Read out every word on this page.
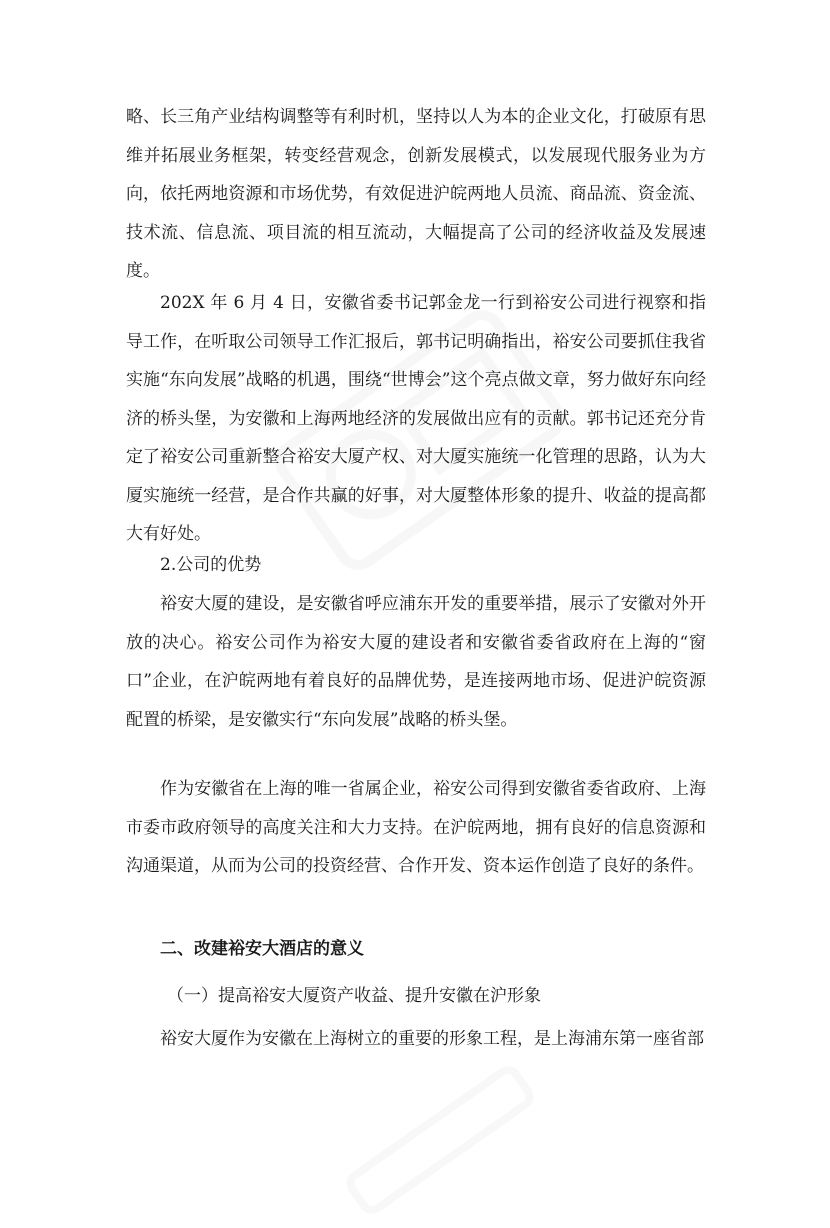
略、长三角产业结构调整等有利时机，坚持以人为本的企业文化，打破原有思维并拓展业务框架，转变经营观念，创新发展模式，以发展现代服务业为方向，依托两地资源和市场优势，有效促进沪皖两地人员流、商品流、资金流、技术流、信息流、项目流的相互流动，大幅提高了公司的经济收益及发展速度。

202X 年 6 月 4 日，安徽省委书记郭金龙一行到裕安公司进行视察和指导工作，在听取公司领导工作汇报后，郭书记明确指出，裕安公司要抓住我省实施“东向发展”战略的机遇，围绕“世博会”这个亮点做文章，努力做好东向经济的桥头堡，为安徽和上海两地经济的发展做出应有的贡献。郭书记还充分肯定了裕安公司重新整合裕安大厦产权、对大厦实施统一化管理的思路，认为大厦实施统一经营，是合作共赢的好事，对大厦整体形象的提升、收益的提高都大有好处。

2.公司的优势

裕安大厦的建设，是安徽省呼应浦东开发的重要举措，展示了安徽对外开放的决心。裕安公司作为裕安大厦的建设者和安徽省委省政府在上海的“窗口”企业，在沪皖两地有着良好的品牌优势，是连接两地市场、促进沪皖资源配置的桥梁，是安徽实行“东向发展”战略的桥头堡。

作为安徽省在上海的唯一省属企业，裕安公司得到安徽省委省政府、上海市委市政府领导的高度关注和大力支持。在沪皖两地，拥有良好的信息资源和沟通渠道，从而为公司的投资经营、合作开发、资本运作创造了良好的条件。

二、改建裕安大酒店的意义

（一）提高裕安大厦资产收益、提升安徽在沪形象

裕安大厦作为安徽在上海树立的重要的形象工程，是上海浦东第一座省部
